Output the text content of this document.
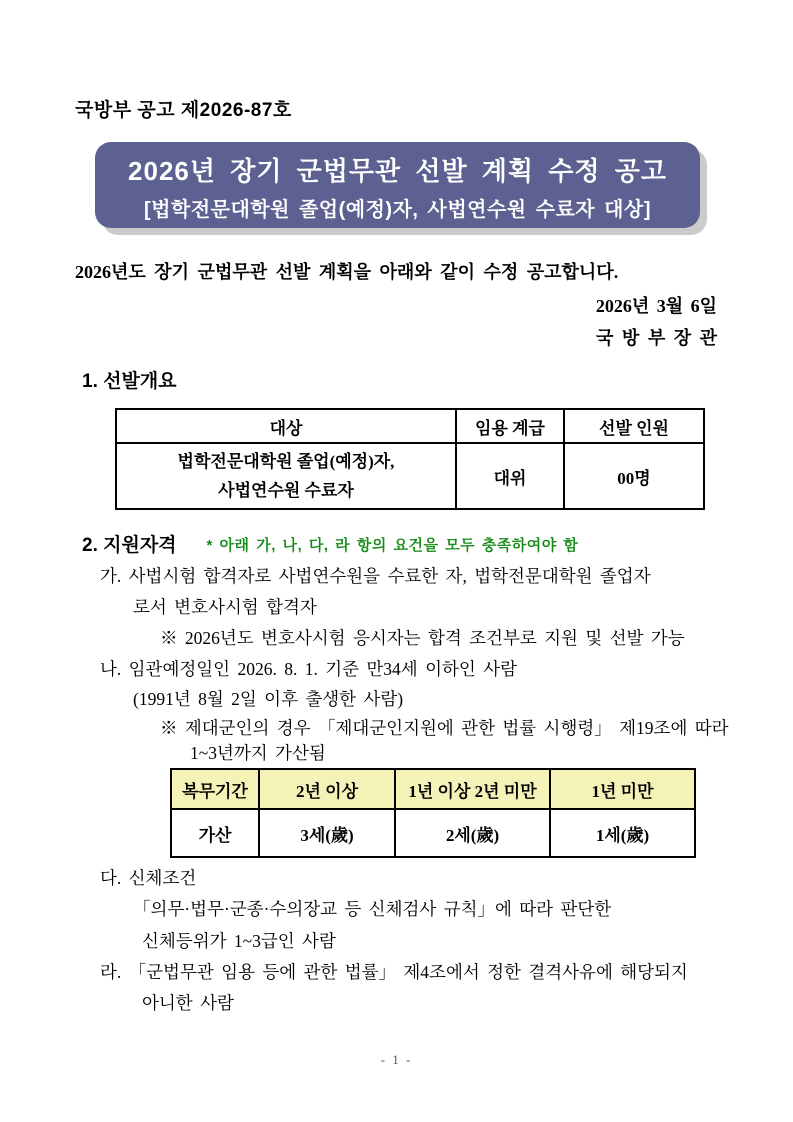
국방부 공고 제2026-87호
2026년 장기 군법무관 선발 계획 수정 공고
[법학전문대학원 졸업(예정)자, 사법연수원 수료자 대상]
2026년도 장기 군법무관 선발 계획을 아래와 같이 수정 공고합니다.
2026년 3월 6일
국 방 부 장 관
1. 선발개요
대상	임용 계급	선발 인원

법학전문대학원 졸업(예정)자,
사법연수원 수료자	대위	00명
2. 지원자격 * 아래 가, 나, 다, 라 항의 요건을 모두 충족하여야 함
가. 사법시험 합격자로 사법연수원을 수료한 자, 법학전문대학원 졸업자
로서 변호사시험 합격자
※ 2026년도 변호사시험 응시자는 합격 조건부로 지원 및 선발 가능
나. 임관예정일인 2026. 8. 1. 기준 만34세 이하인 사람
(1991년 8월 2일 이후 출생한 사람)
※ 제대군인의 경우 「제대군인지원에 관한 법률 시행령」 제19조에 따라
1~3년까지 가산됨
복무기간	2년 이상	1년 이상 2년 미만	1년 미만
가산	3세(歲)	2세(歲)	1세(歲)
다. 신체조건
「의무·법무·군종·수의장교 등 신체검사 규칙」에 따라 판단한
신체등위가 1~3급인 사람
라. 「군법무관 임용 등에 관한 법률」 제4조에서 정한 결격사유에 해당되지
아니한 사람
- 1 -
